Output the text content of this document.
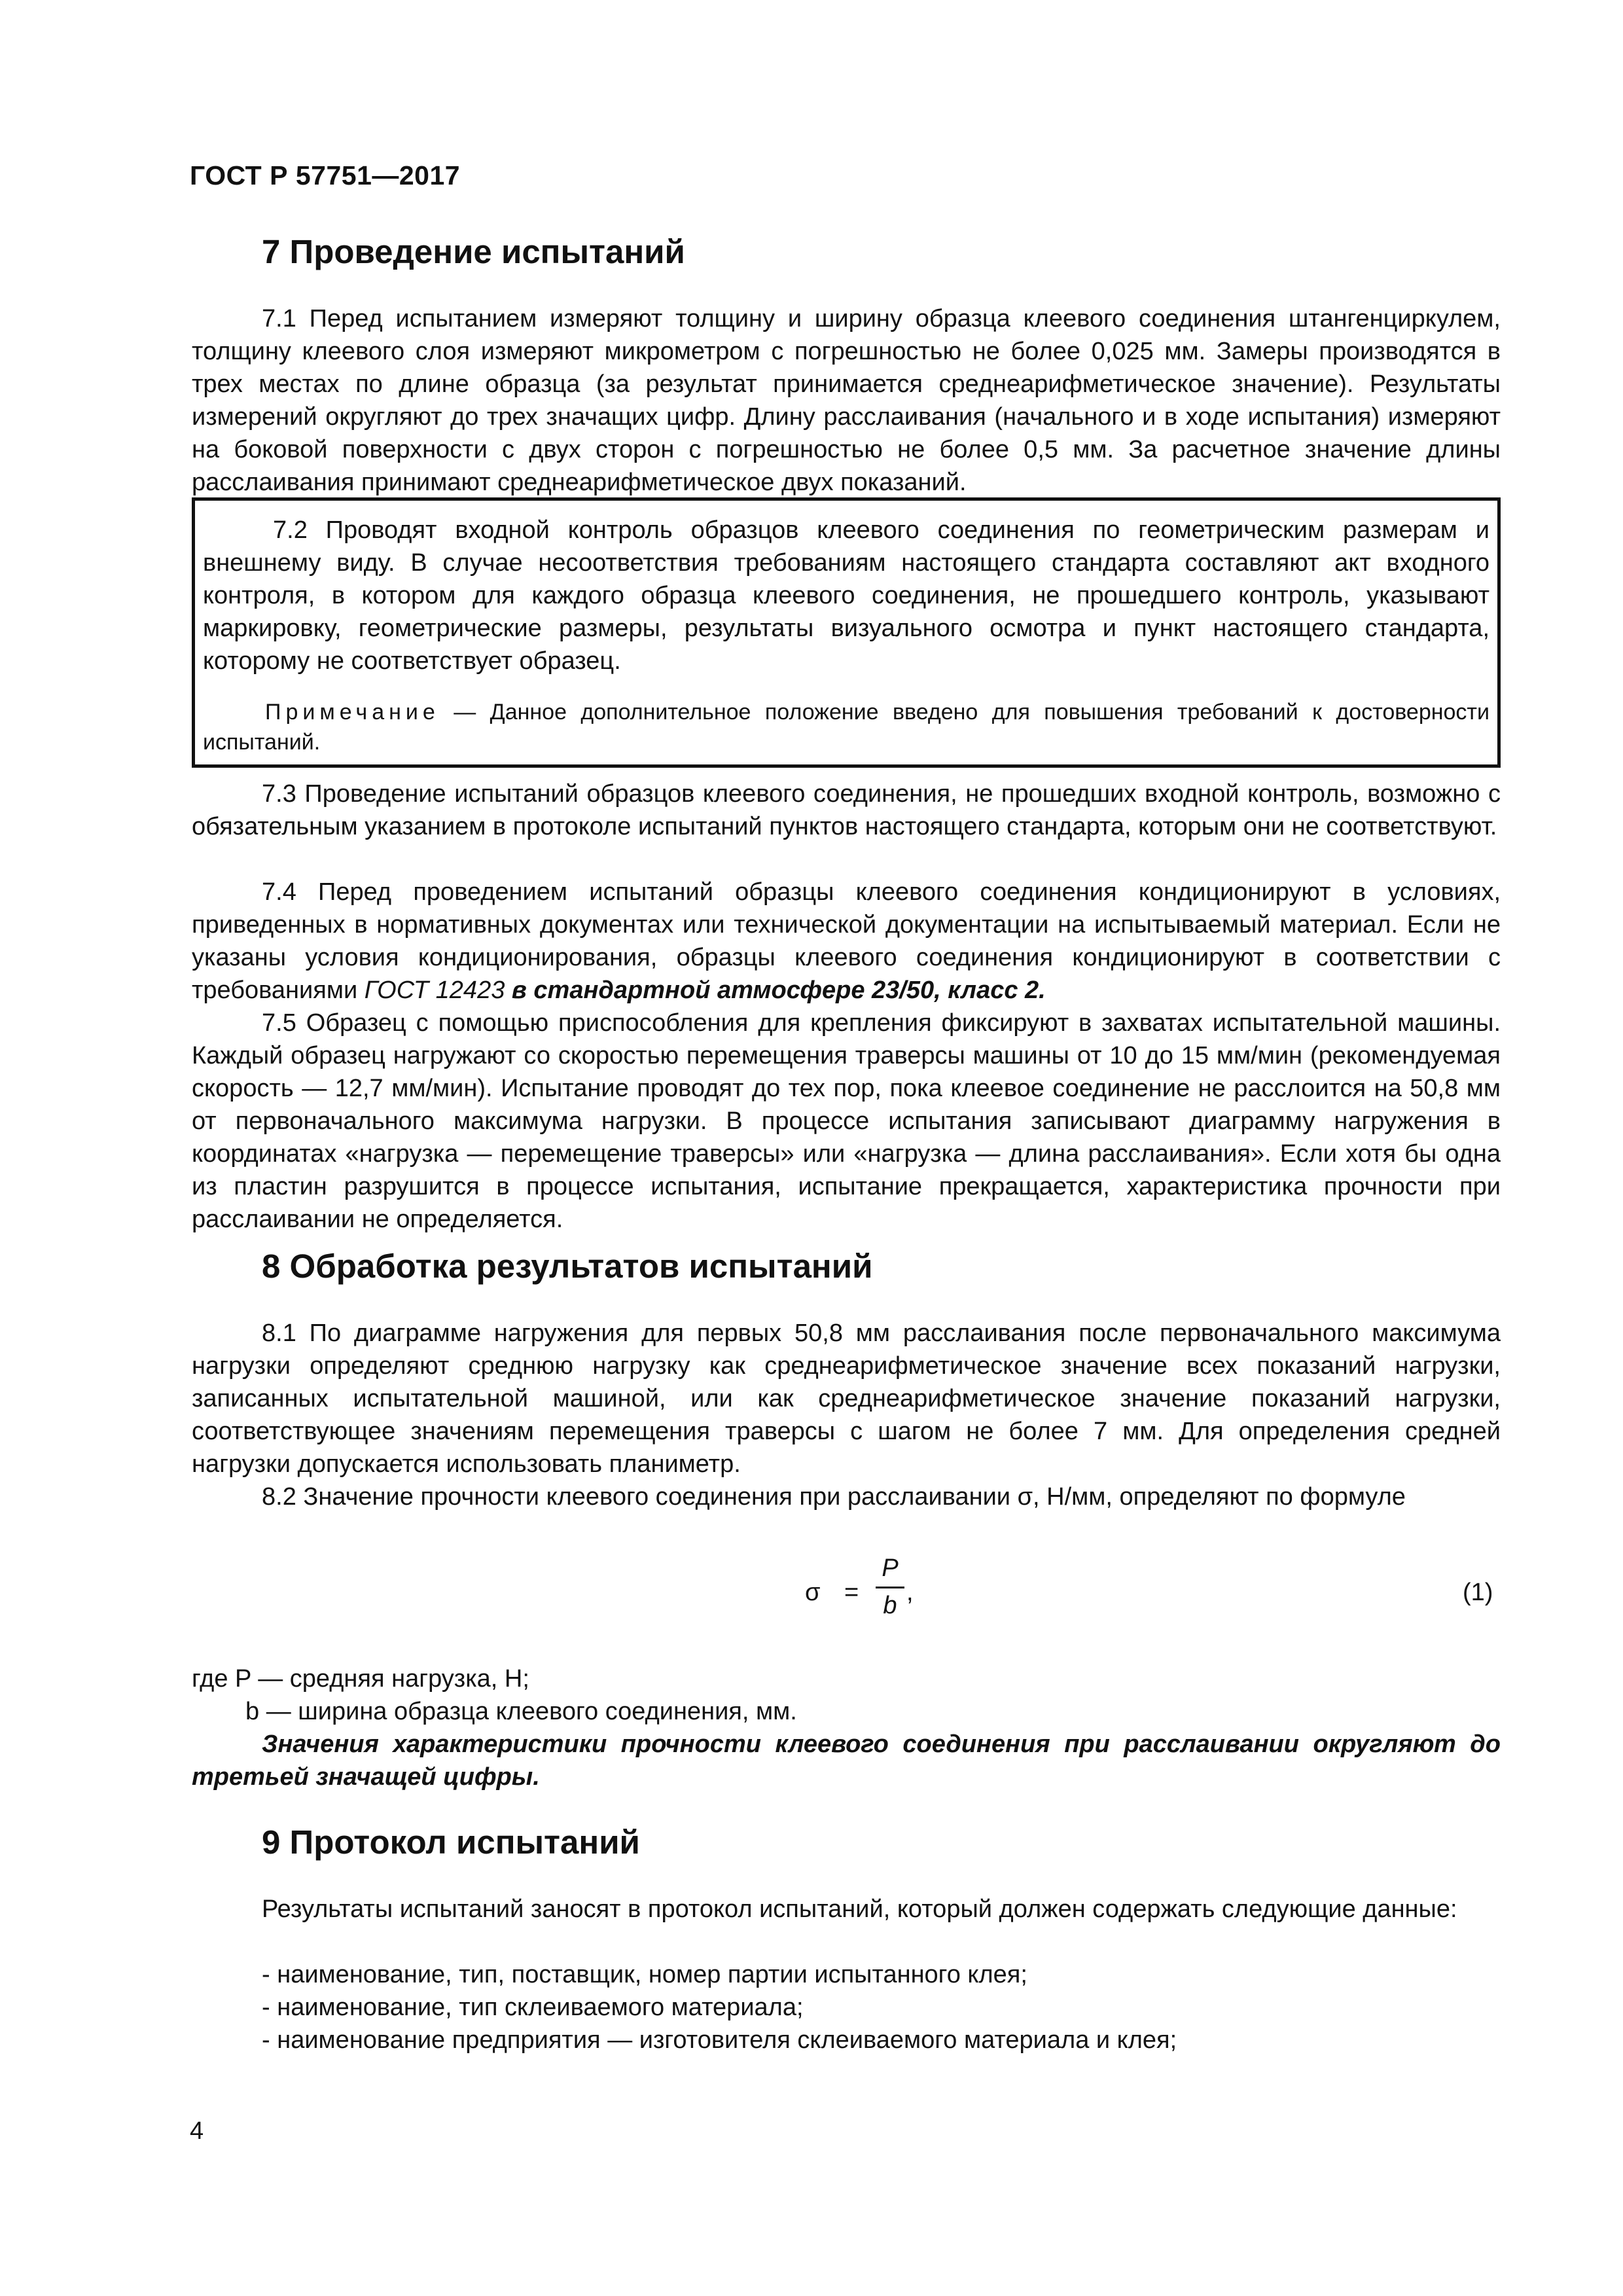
ГОСТ Р 57751—2017
7 Проведение испытаний

7.1 Перед испытанием измеряют толщину и ширину образца клеевого соединения штангенциркулем, толщину клеевого слоя измеряют микрометром с погрешностью не более 0,025 мм. Замеры производятся в трех местах по длине образца (за результат принимается среднеарифметическое значение). Результаты измерений округляют до трех значащих цифр. Длину расслаивания (начального и в ходе испытания) измеряют на боковой поверхности с двух сторон с погрешностью не более 0,5 мм. За расчетное значение длины расслаивания принимают среднеарифметическое двух показаний.

7.2 Проводят входной контроль образцов клеевого соединения по геометрическим размерам и внешнему виду. В случае несоответствия требованиям настоящего стандарта составляют акт входного контроля, в котором для каждого образца клеевого соединения, не прошедшего контроль, указывают маркировку, геометрические размеры, результаты визуального осмотра и пункт настоящего стандарта, которому не соответствует образец.

Примечание — Данное дополнительное положение введено для повышения требований к достоверности испытаний.

7.3 Проведение испытаний образцов клеевого соединения, не прошедших входной контроль, возможно с обязательным указанием в протоколе испытаний пунктов настоящего стандарта, которым они не соответствуют.

7.4 Перед проведением испытаний образцы клеевого соединения кондиционируют в условиях, приведенных в нормативных документах или технической документации на испытываемый материал. Если не указаны условия кондиционирования, образцы клеевого соединения кондиционируют в соответствии с требованиями ГОСТ 12423 в стандартной атмосфере 23/50, класс 2.

7.5 Образец с помощью приспособления для крепления фиксируют в захватах испытательной машины. Каждый образец нагружают со скоростью перемещения траверсы машины от 10 до 15 мм/мин (рекомендуемая скорость — 12,7 мм/мин). Испытание проводят до тех пор, пока клеевое соединение не расслоится на 50,8 мм от первоначального максимума нагрузки. В процессе испытания записывают диаграмму нагружения в координатах «нагрузка — перемещение траверсы» или «нагрузка — длина расслаивания». Если хотя бы одна из пластин разрушится в процессе испытания, испытание прекращается, характеристика прочности при расслаивании не определяется.

8 Обработка результатов испытаний

8.1 По диаграмме нагружения для первых 50,8 мм расслаивания после первоначального максимума нагрузки определяют среднюю нагрузку как среднеарифметическое значение всех показаний нагрузки, записанных испытательной машиной, или как среднеарифметическое значение показаний нагрузки, соответствующее значениям перемещения траверсы с шагом не более 7 мм. Для определения средней нагрузки допускается использовать планиметр.

8.2 Значение прочности клеевого соединения при расслаивании σ, Н/мм, определяют по формуле

σ =
P
b ,	(1)
где P — средняя нагрузка, Н;
b — ширина образца клеевого соединения, мм.

Значения характеристики прочности клеевого соединения при расслаивании округляют до третьей значащей цифры.

9 Протокол испытаний

Результаты испытаний заносят в протокол испытаний, который должен содержать следующие данные:

- наименование, тип, поставщик, номер партии испытанного клея;
- наименование, тип склеиваемого материала;
- наименование предприятия — изготовителя склеиваемого материала и клея;
4
